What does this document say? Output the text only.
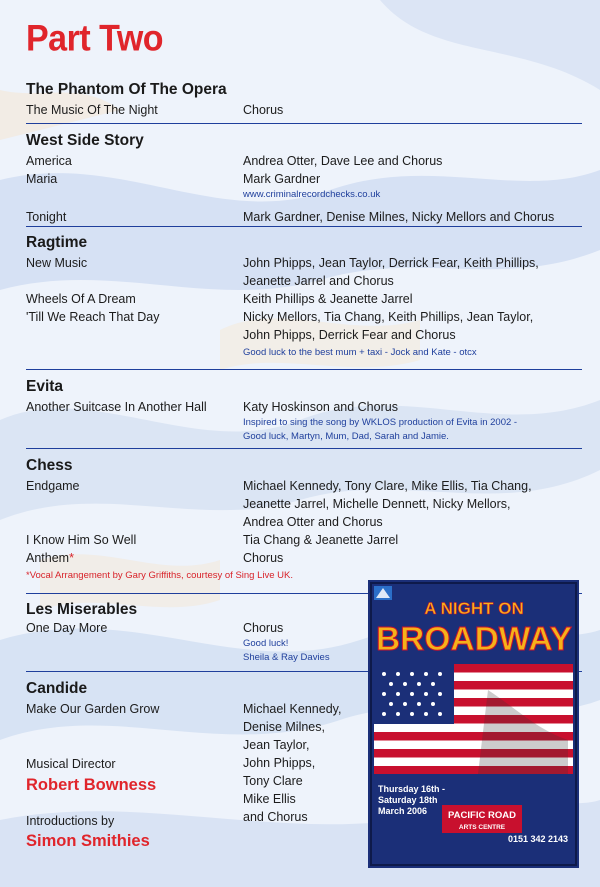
Part Two
The Phantom Of The Opera
The Music Of The Night	Chorus
West Side Story
America	Andrea Otter, Dave Lee and Chorus
Maria	Mark Gardner
www.criminalrecordchecks.co.uk
Tonight	Mark Gardner, Denise Milnes, Nicky Mellors and Chorus
Ragtime
New Music	John Phipps, Jean Taylor, Derrick Fear, Keith Phillips,
Jeanette Jarrel and Chorus
Wheels Of A Dream	Keith Phillips & Jeanette Jarrel
'Till We Reach That Day	Nicky Mellors, Tia Chang, Keith Phillips, Jean Taylor,
John Phipps, Derrick Fear and Chorus
Good luck to the best mum + taxi - Jock and Kate - otcx
Evita
Another Suitcase In Another Hall	Katy Hoskinson and Chorus
Inspired to sing the song by WKLOS production of Evita in 2002 -
Good luck, Martyn, Mum, Dad, Sarah and Jamie.
Chess
Endgame	Michael Kennedy, Tony Clare, Mike Ellis, Tia Chang,
Jeanette Jarrel, Michelle Dennett, Nicky Mellors,
Andrea Otter and Chorus
I Know Him So Well	Tia Chang & Jeanette Jarrel
Anthem*	Chorus
*Vocal Arrangement by Gary Griffiths, courtesy of Sing Live UK.
Les Miserables
One Day More	Chorus
Good luck!
Sheila & Ray Davies
Candide
Make Our Garden Grow	Michael Kennedy,
Denise Milnes,
Jean Taylor,
John Phipps,
Tony Clare
Mike Ellis
and Chorus
Musical Director
Robert Bowness
Introductions by
Simon Smithies
A NIGHT ON
BROADWAY
Thursday 16th -
Saturday 18th
March 2006 PACIFIC ROAD
ARTS CENTRE
0151 342 2143
